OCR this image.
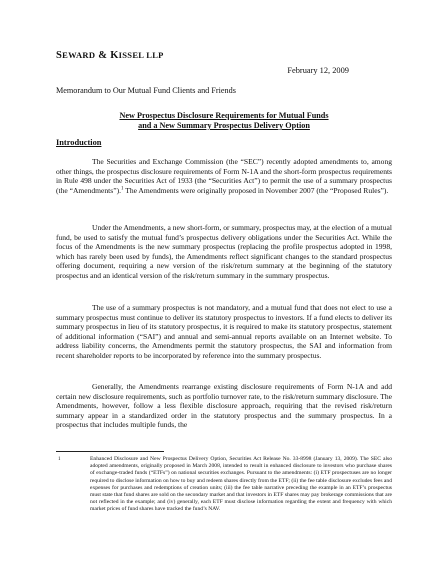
SEWARD & KISSEL LLP
February 12, 2009
Memorandum to Our Mutual Fund Clients and Friends
New Prospectus Disclosure Requirements for Mutual Funds
and a New Summary Prospectus Delivery Option
Introduction
The Securities and Exchange Commission (the “SEC”) recently adopted amendments to, among other things, the prospectus disclosure requirements of Form N-1A and the short-form prospectus requirements in Rule 498 under the Securities Act of 1933 (the “Securities Act”) to permit the use of a summary prospectus (the “Amendments”).$^1$ The Amendments were originally proposed in November 2007 (the “Proposed Rules”).
Under the Amendments, a new short-form, or summary, prospectus may, at the election of a mutual fund, be used to satisfy the mutual fund’s prospectus delivery obligations under the Securities Act. While the focus of the Amendments is the new summary prospectus (replacing the profile prospectus adopted in 1998, which has rarely been used by funds), the Amendments reflect significant changes to the standard prospectus offering document, requiring a new version of the risk/return summary at the beginning of the statutory prospectus and an identical version of the risk/return summary in the summary prospectus.
The use of a summary prospectus is not mandatory, and a mutual fund that does not elect to use a summary prospectus must continue to deliver its statutory prospectus to investors. If a fund elects to deliver its summary prospectus in lieu of its statutory prospectus, it is required to make its statutory prospectus, statement of additional information (“SAI”) and annual and semi-annual reports available on an Internet website. To address liability concerns, the Amendments permit the statutory prospectus, the SAI and information from recent shareholder reports to be incorporated by reference into the summary prospectus.
Generally, the Amendments rearrange existing disclosure requirements of Form N-1A and add certain new disclosure requirements, such as portfolio turnover rate, to the risk/return summary disclosure. The Amendments, however, follow a less flexible disclosure approach, requiring that the revised risk/return summary appear in a standardized order in the statutory prospectus and the summary prospectus. In a prospectus that includes multiple funds, the
1	Enhanced Disclosure and New Prospectus Delivery Option, Securities Act Release No. 33-8998 (January 13, 2009). The SEC also adopted amendments, originally proposed in March 2008, intended to result in enhanced disclosure to investors who purchase shares of exchange-traded funds (“ETFs”) on national securities exchanges. Pursuant to the amendments: (i) ETF prospectuses are no longer required to disclose information on how to buy and redeem shares directly from the ETF; (ii) the fee table disclosure excludes fees and expenses for purchases and redemptions of creation units; (iii) the fee table narrative preceding the example in an ETF’s prospectus must state that fund shares are sold on the secondary market and that investors in ETF shares may pay brokerage commissions that are not reflected in the example; and (iv) generally, each ETF must disclose information regarding the extent and frequency with which market prices of fund shares have tracked the fund’s NAV.
